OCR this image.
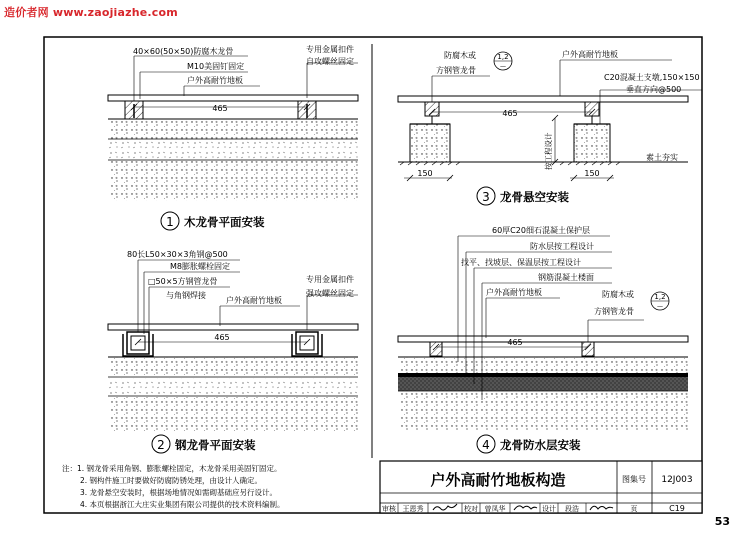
造价者网 www.zaojiazhe.com
465
40×60(50×50)防腐木龙骨
M10美固钉固定
户外高耐竹地板
专用金属扣件
自攻螺丝固定
1 木龙骨平面安装
465
80长L50×30×3角钢@500
M8膨胀螺栓固定
□50×5方钢管龙骨
与角钢焊接
户外高耐竹地板
专用金属扣件
强攻螺丝固定
2 钢龙骨平面安装
按工程设计
465
150	150
防腐木或
方钢管龙骨
1,2
—
户外高耐竹地板
C20混凝土支墩,150×150
垂直方向@500
素土夯实
3 龙骨悬空安装
465
60厚C20细石混凝土保护层
防水层按工程设计
找平、找坡层、保温层按工程设计
钢筋混凝土楼面
户外高耐竹地板	防腐木或
方钢管龙骨
1,2
—
4 龙骨防水层安装
注：1. 钢龙骨采用角钢、膨胀螺栓固定，木龙骨采用美固钉固定。
2. 钢构件施工时要做好防腐防锈处理，由设计人确定。
3. 龙骨悬空安装时，根据场地情况如需砌基础应另行设计。
4. 本页根据浙江大庄实业集团有限公司提供的技术资料编制。
户外高耐竹地板构造	图集号 12J003
审核 王恩秀	校对 曾凤华	设计 段浩	页	C19
53
